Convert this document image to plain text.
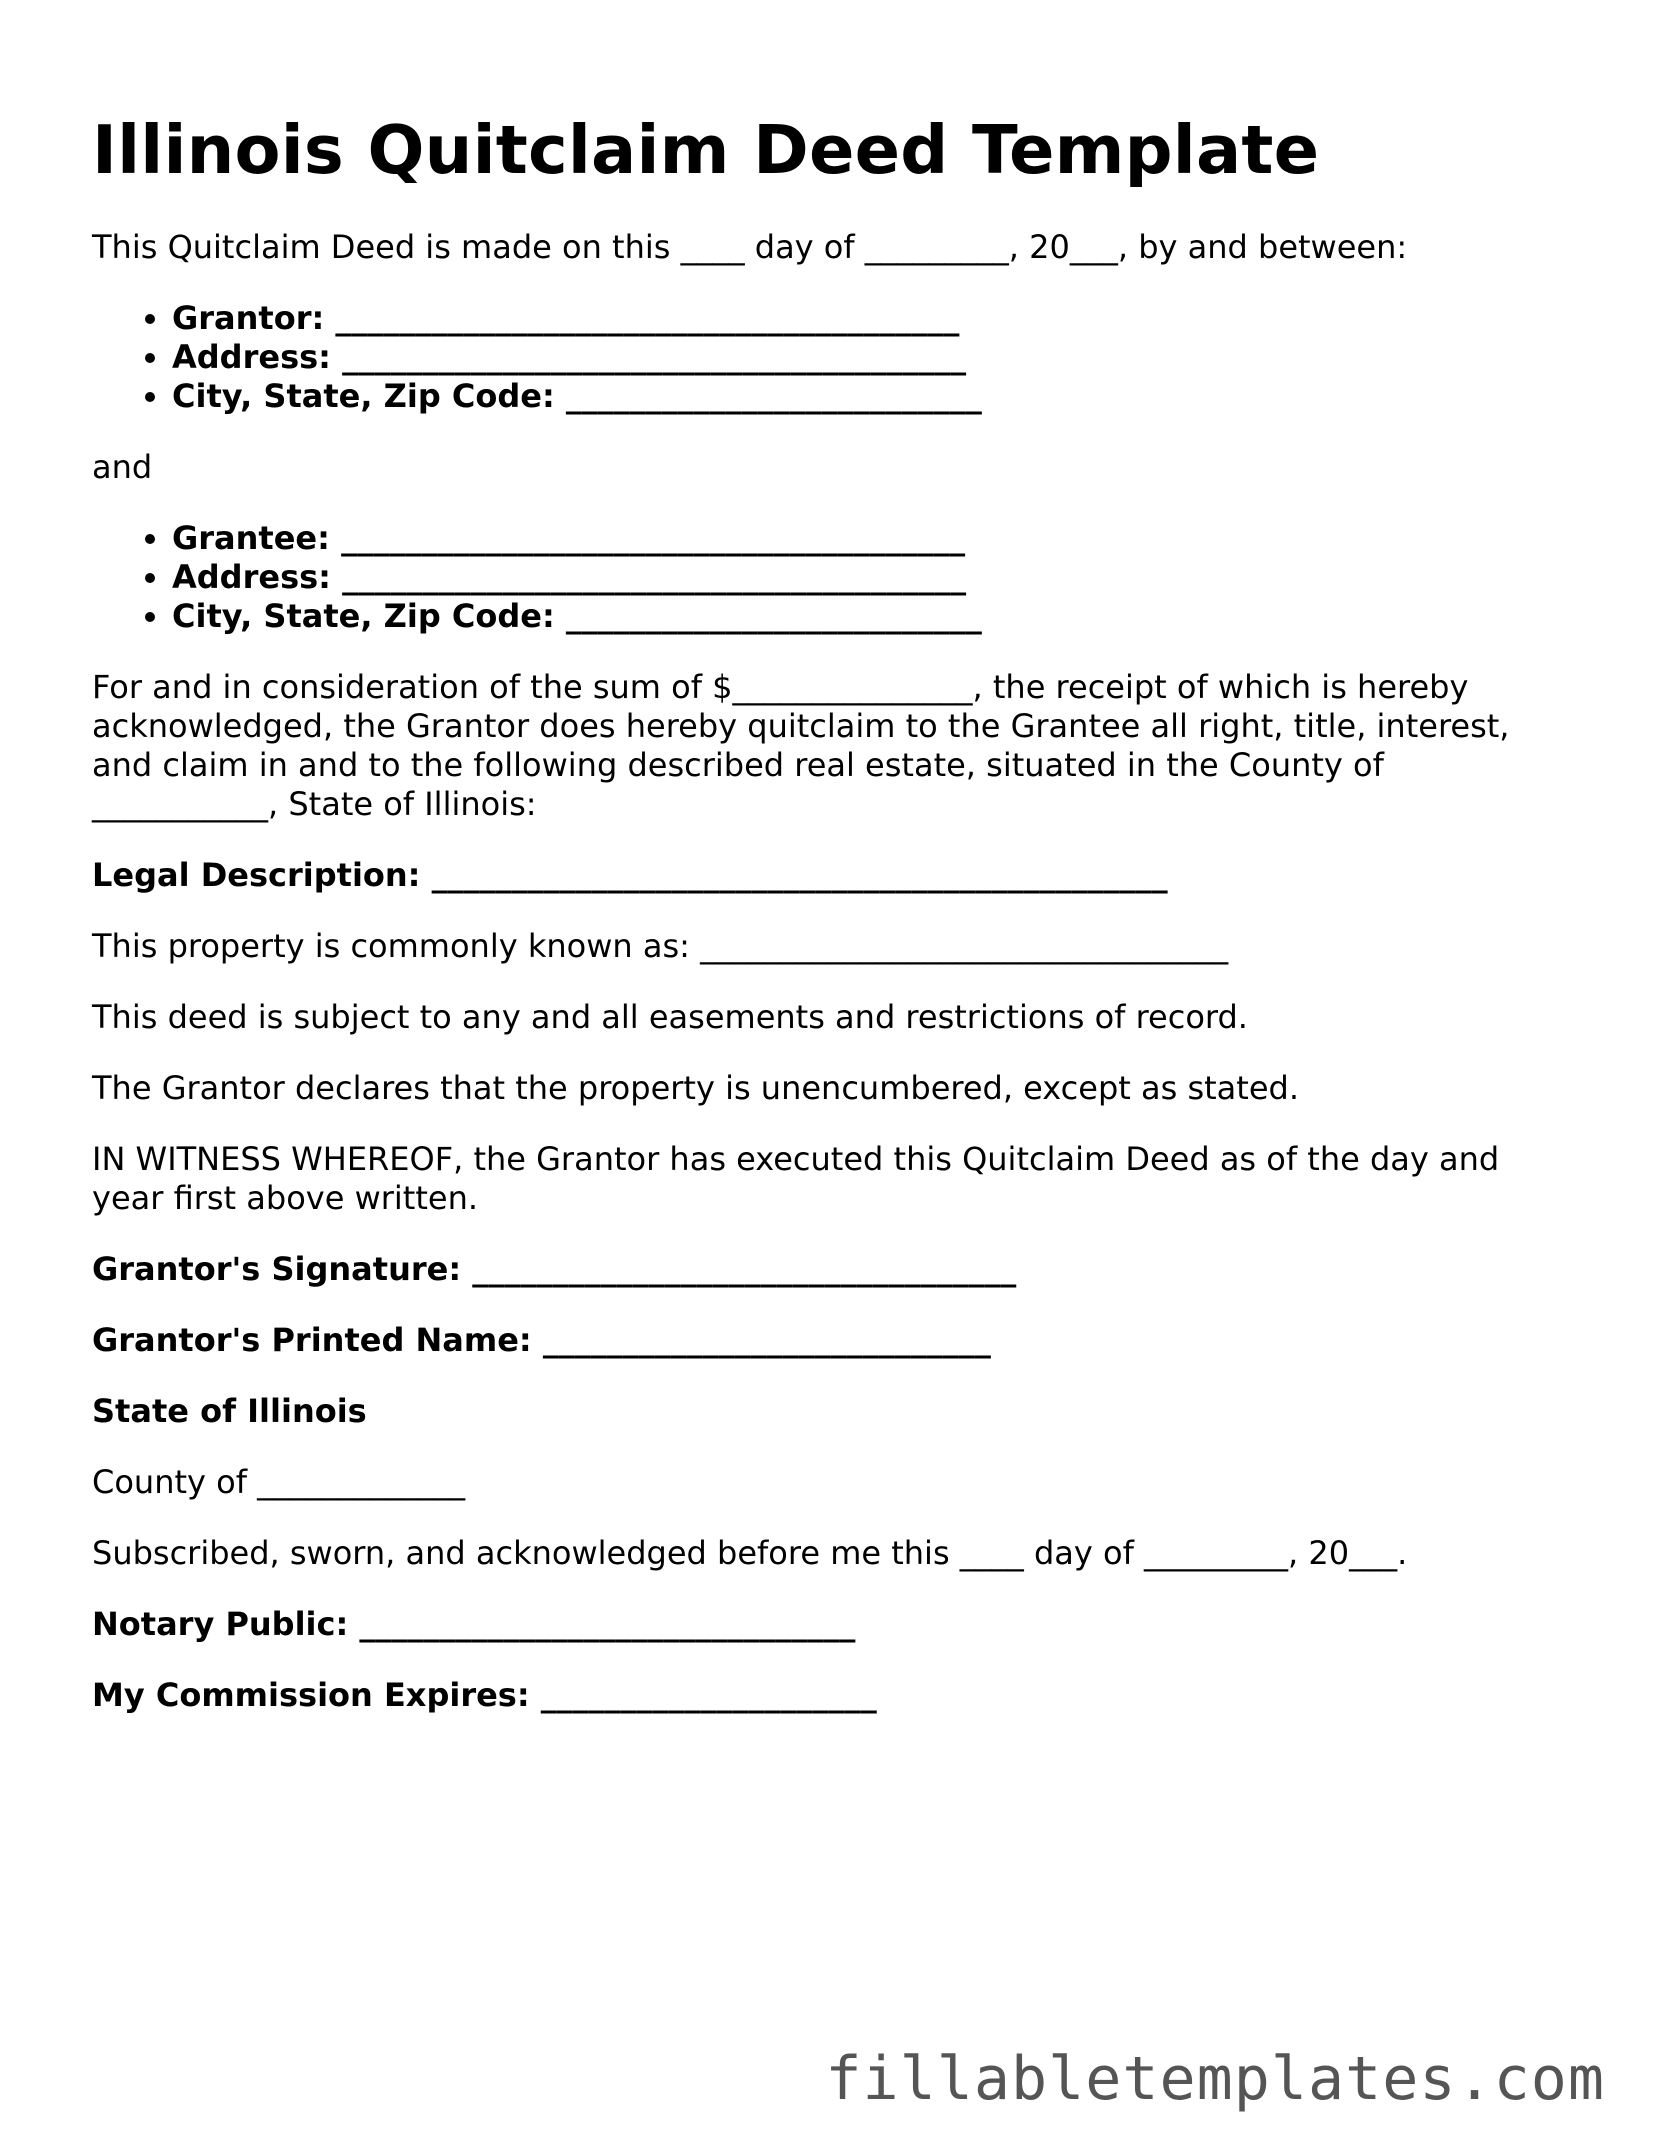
Illinois Quitclaim Deed Template

This Quitclaim Deed is made on this ____ day of _________, 20___, by and between:

• Grantor: _______________________________________
• Address: _______________________________________
• City, State, Zip Code: __________________________

and

• Grantee: _______________________________________
• Address: _______________________________________
• City, State, Zip Code: __________________________

For and in consideration of the sum of $_______________, the receipt of which is hereby acknowledged, the Grantor does hereby quitclaim to the Grantee all right, title, interest, and claim in and to the following described real estate, situated in the County of ___________, State of Illinois:

Legal Description: ______________________________________________

This property is commonly known as: _________________________________

This deed is subject to any and all easements and restrictions of record.

The Grantor declares that the property is unencumbered, except as stated.

IN WITNESS WHEREOF, the Grantor has executed this Quitclaim Deed as of the day and year first above written.

Grantor's Signature: __________________________________

Grantor's Printed Name: ____________________________

State of Illinois

County of _____________

Subscribed, sworn, and acknowledged before me this ____ day of _________, 20___.

Notary Public: _______________________________

My Commission Expires: _____________________

fillabletemplates.com
